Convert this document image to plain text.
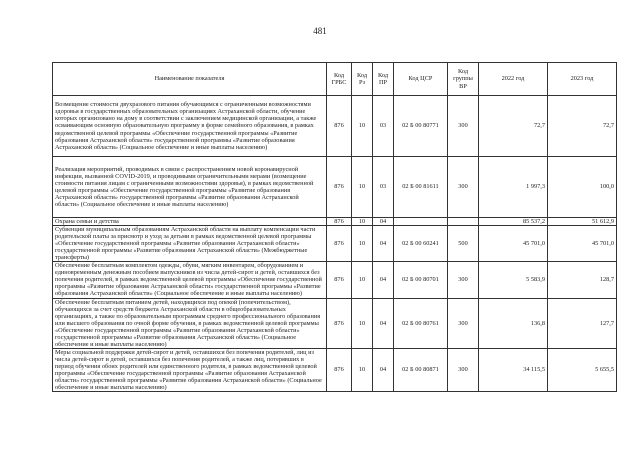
481
Наименование показателя	Код ГРБС	Код Рз	Код ПР	Код ЦСР	Код группы ВР	2022 год	2023 год
Возмещение стоимости двухразового питания обучающимся с ограниченными возможностями здоровья в государственных образовательных организациях Астраханской области, обучение которых организовано на дому в соответствии с заключением медицинской организации, а также осваивающим основную образовательную программу в форме семейного образования, в рамках ведомственной целевой программы «Обеспечение государственной программы «Развитие образования Астраханской области» государственной программы «Развитие образования Астраханской области» (Социальное обеспечение и иные выплаты населению)	876	10	03	02 Б 00 80771	300	72,7	72,7
Реализация мероприятий, проводимых в связи с распространением новой коронавирусной инфекции, вызванной COVID-2019, и проводимыми ограничительными мерами (возмещение стоимости питания лицам с ограниченными возможностями здоровья), в рамках ведомственной целевой программы «Обеспечение государственной программы «Развитие образования Астраханской области» государственной программы «Развитие образования Астраханской области» (Социальное обеспечение и иные выплаты населению)	876	10	03	02 Б 00 81611	300	1 997,3	100,0
Охрана семьи и детства	876	10	04			85 537,2	51 612,9
Субвенции муниципальным образованиям Астраханской области на выплату компенсации части родительской платы за присмотр и уход за детьми в рамках ведомственной целевой программы «Обеспечение государственной программы «Развитие образования Астраханской области» государственной программы «Развитие образования Астраханской области» (Межбюджетные трансферты)	876	10	04	02 Б 00 60241	500	45 701,0	45 701,0
Обеспечение бесплатным комплектом одежды, обуви, мягким инвентарем, оборудованием и единовременным денежным пособием выпускников из числа детей-сирот и детей, оставшихся без попечения родителей, в рамках ведомственной целевой программы «Обеспечение государственной программы «Развитие образования Астраханской области» государственной программы «Развитие образования Астраханской области» (Социальное обеспечение и иные выплаты населению)	876	10	04	02 Б 00 80701	300	5 583,9	128,7
Обеспечение бесплатным питанием детей, находящихся под опекой (попечительством), обучающихся за счет средств бюджета Астраханской области в общеобразовательных организациях, а также по образовательным программам среднего профессионального образования или высшего образования по очной форме обучения, в рамках ведомственной целевой программы «Обеспечение государственной программы «Развитие образования Астраханской области» государственной программы «Развитие образования Астраханской области» (Социальное обеспечение и иные выплаты населению)	876	10	04	02 Б 00 80761	300	136,8	127,7
Меры социальной поддержки детей-сирот и детей, оставшихся без попечения родителей, лиц из числа детей-сирот и детей, оставшихся без попечения родителей, а также лиц, потерявших в период обучения обоих родителей или единственного родителя, в рамках ведомственной целевой программы «Обеспечение государственной программы «Развитие образования Астраханской области» государственной программы «Развитие образования Астраханской области» (Социальное обеспечение и иные выплаты населению)	876	10	04	02 Б 00 80871	300	34 115,5	5 655,5
